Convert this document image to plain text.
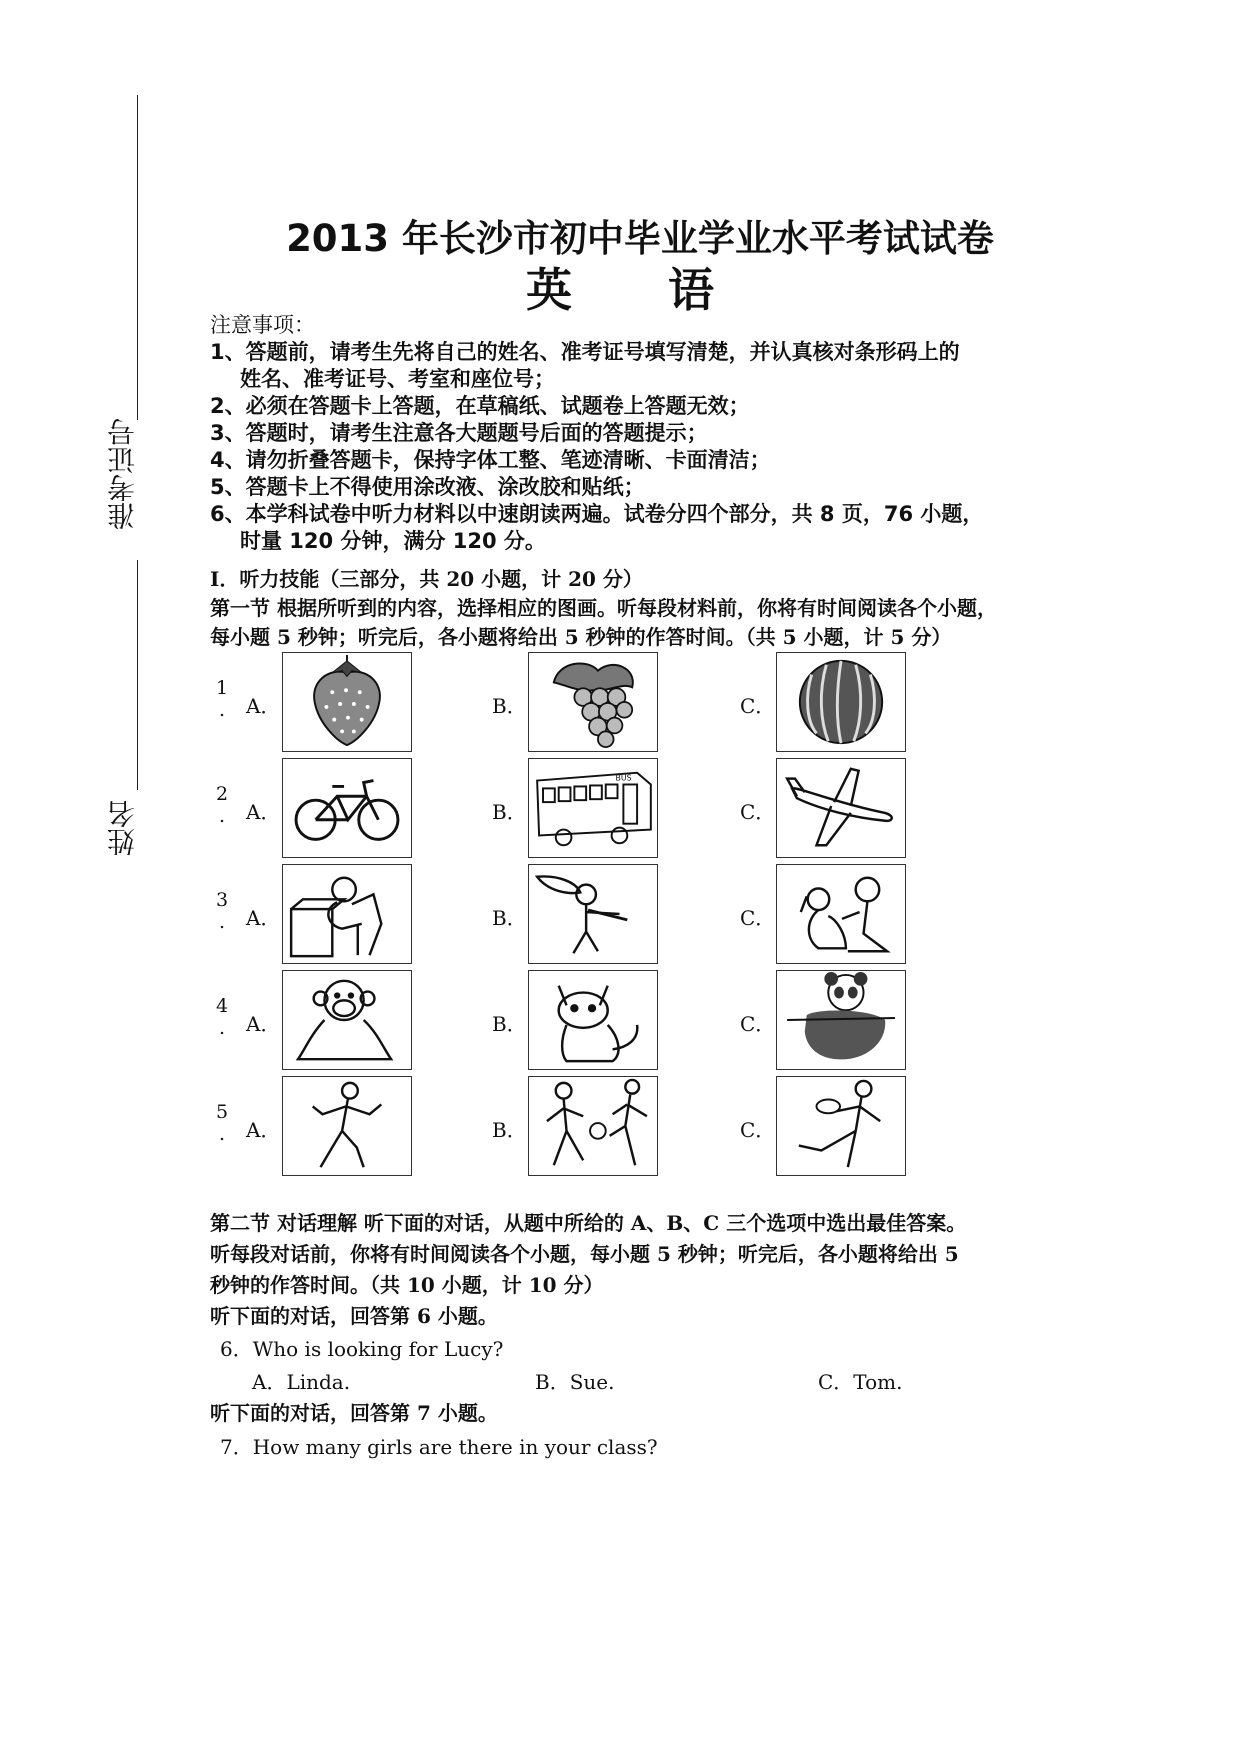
准考证号
姓名
2013 年长沙市初中毕业学业水平考试试卷
英 语
注意事项：
1、答题前，请考生先将自己的姓名、准考证号填写清楚，并认真核对条形码上的
姓名、准考证号、考室和座位号；
2、必须在答题卡上答题，在草稿纸、试题卷上答题无效；
3、答题时，请考生注意各大题题号后面的答题提示；
4、请勿折叠答题卡，保持字体工整、笔迹清晰、卡面清洁；
5、答题卡上不得使用涂改液、涂改胶和贴纸；
6、本学科试卷中听力材料以中速朗读两遍。试卷分四个部分，共 8 页，76 小题，
时量 120 分钟，满分 120 分。
I．听力技能（三部分，共 20 小题，计 20 分）
第一节 根据所听到的内容，选择相应的图画。听每段材料前，你将有时间阅读各个小题，
每小题 5 秒钟；听完后，各小题将给出 5 秒钟的作答时间。（共 5 小题，计 5 分）
1
.	A．	B．	C．
2
.	A．	B．
BUS
C．
3
.	A．	B．	C．
4
.	A．	B．	C．
5
.	A．	B．	C．
第二节 对话理解 听下面的对话，从题中所给的 A、B、C 三个选项中选出最佳答案。
听每段对话前，你将有时间阅读各个小题，每小题 5 秒钟；听完后，各小题将给出 5
秒钟的作答时间。（共 10 小题，计 10 分）
听下面的对话，回答第 6 小题。
6．Who is looking for Lucy?
A．Linda.	B．Sue.	C．Tom.
听下面的对话，回答第 7 小题。
7．How many girls are there in your class?
